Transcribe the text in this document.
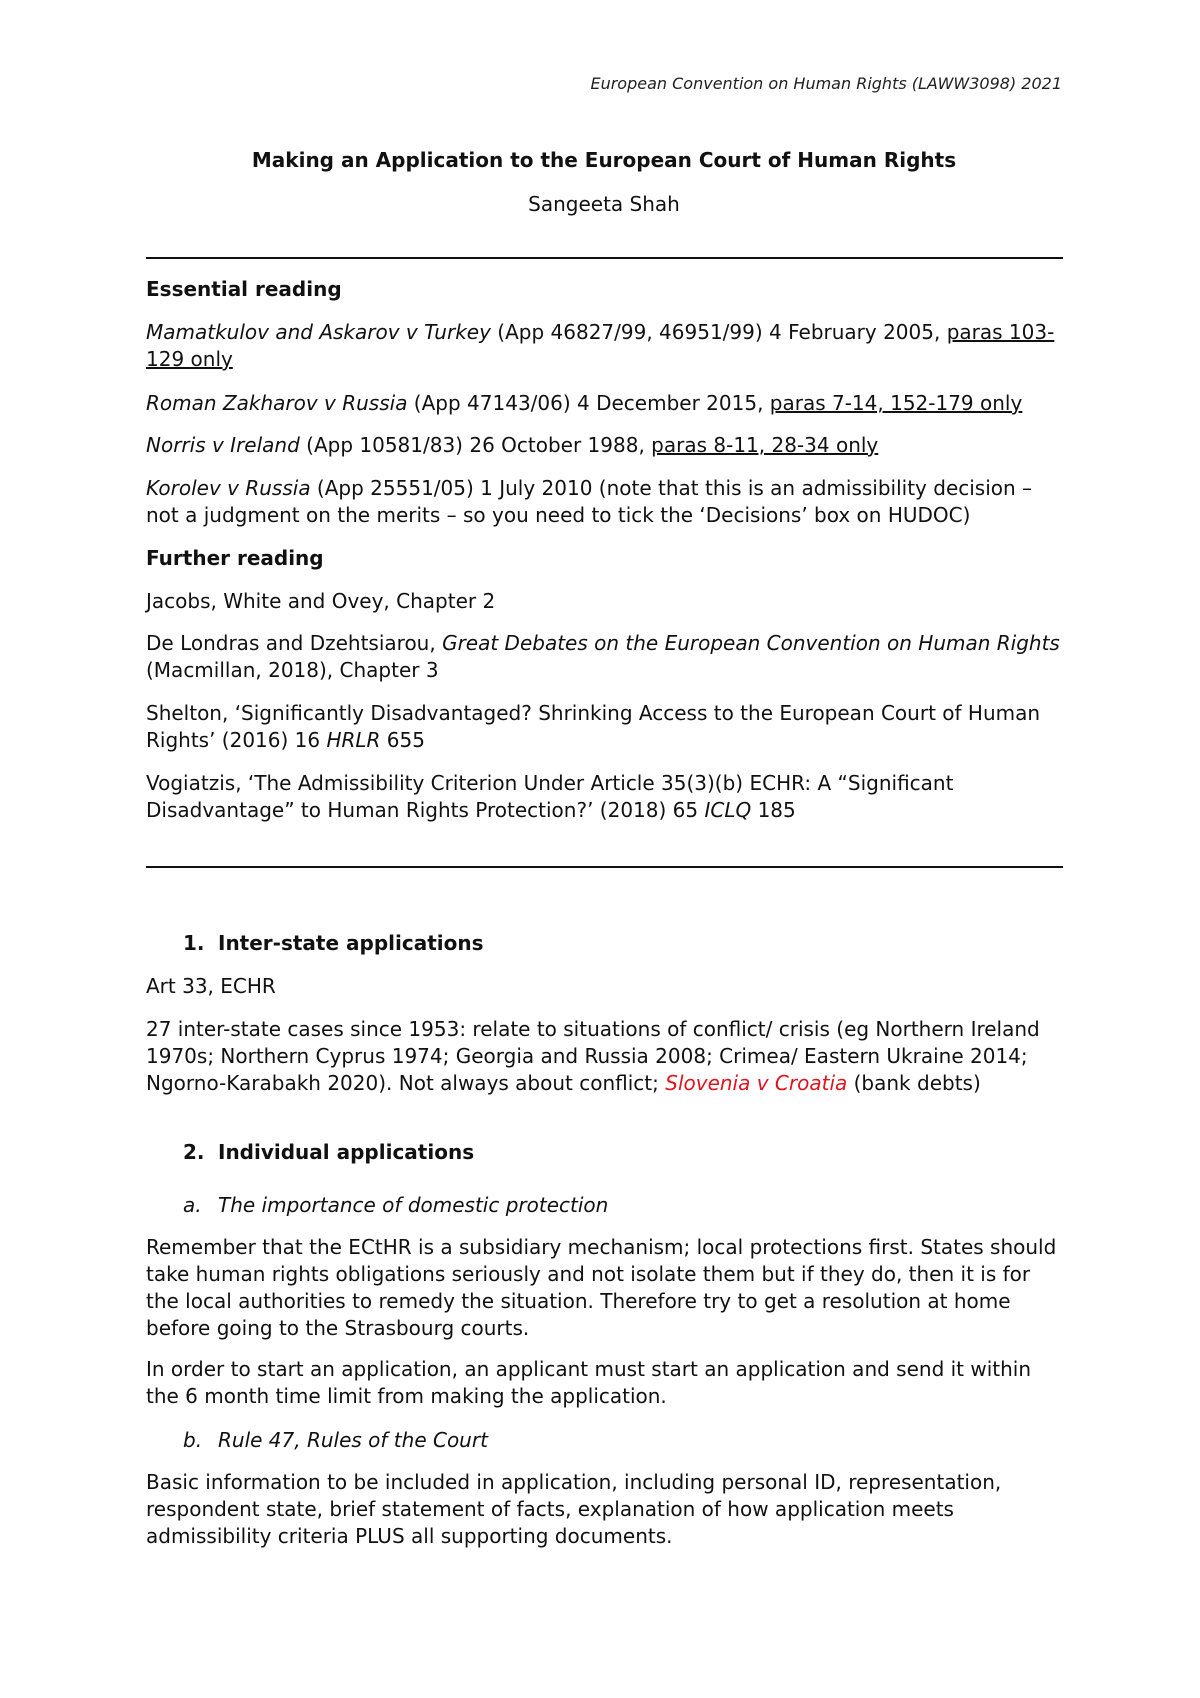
European Convention on Human Rights (LAWW3098) 2021
Making an Application to the European Court of Human Rights
Sangeeta Shah
Essential reading

Mamatkulov and Askarov v Turkey (App 46827/99, 46951/99) 4 February 2005, paras 103-129 only

Roman Zakharov v Russia (App 47143/06) 4 December 2015, paras 7-14, 152-179 only

Norris v Ireland (App 10581/83) 26 October 1988, paras 8-11, 28-34 only

Korolev v Russia (App 25551/05) 1 July 2010 (note that this is an admissibility decision – not a judgment on the merits – so you need to tick the ‘Decisions’ box on HUDOC)

Further reading

Jacobs, White and Ovey, Chapter 2

De Londras and Dzehtsiarou, Great Debates on the European Convention on Human Rights (Macmillan, 2018), Chapter 3

Shelton, ‘Significantly Disadvantaged? Shrinking Access to the European Court of Human Rights’ (2016) 16 HRLR 655

Vogiatzis, ‘The Admissibility Criterion Under Article 35(3)(b) ECHR: A “Significant Disadvantage” to Human Rights Protection?’ (2018) 65 ICLQ 185

1. Inter-state applications

Art 33, ECHR

27 inter-state cases since 1953: relate to situations of conflict/ crisis (eg Northern Ireland 1970s; Northern Cyprus 1974; Georgia and Russia 2008; Crimea/ Eastern Ukraine 2014; Ngorno-Karabakh 2020). Not always about conflict; Slovenia v Croatia (bank debts)

2. Individual applications
a. The importance of domestic protection

Remember that the ECtHR is a subsidiary mechanism; local protections first. States should take human rights obligations seriously and not isolate them but if they do, then it is for the local authorities to remedy the situation. Therefore try to get a resolution at home before going to the Strasbourg courts.

In order to start an application, an applicant must start an application and send it within the 6 month time limit from making the application.

b. Rule 47, Rules of the Court

Basic information to be included in application, including personal ID, representation, respondent state, brief statement of facts, explanation of how application meets admissibility criteria PLUS all supporting documents.
